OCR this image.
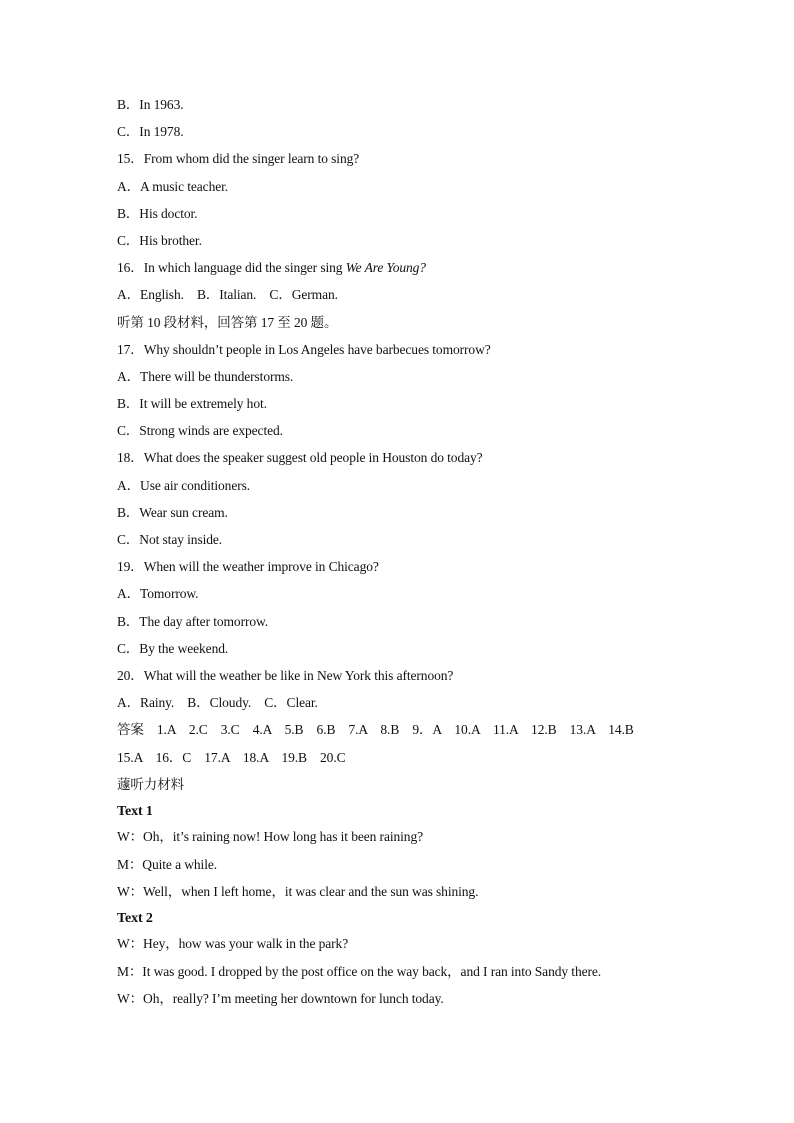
B．In 1963.
C．In 1978.
15．From whom did the singer learn to sing?
A．A music teacher.
B．His doctor.
C．His brother.
16．In which language did the singer sing We Are Young?
A．English.    B．Italian.    C．German.
听第 10 段材料，回答第 17 至 20 题。
17．Why shouldn’t people in Los Angeles have barbecues tomorrow?
A．There will be thunderstorms.
B．It will be extremely hot.
C．Strong winds are expected.
18．What does the speaker suggest old people in Houston do today?
A．Use air conditioners.
B．Wear sun cream.
C．Not stay inside.
19．When will the weather improve in Chicago?
A．Tomorrow.
B．The day after tomorrow.
C．By the weekend.
20．What will the weather be like in New York this afternoon?
A．Rainy.    B．Cloudy.    C．Clear.
答案    1.A    2.C    3.C    4.A    5.B    6.B    7.A    8.B    9．A    10.A    11.A    12.B    13.A    14.B
15.A    16．C    17.A    18.A    19.B    20.C
蘧听力材料
Text 1
W：Oh，it’s raining now! How long has it been raining?
M：Quite a while.
W：Well，when I left home，it was clear and the sun was shining.
Text 2
W：Hey，how was your walk in the park?
M：It was good. I dropped by the post office on the way back，and I ran into Sandy there.
W：Oh，really? I’m meeting her downtown for lunch today.
